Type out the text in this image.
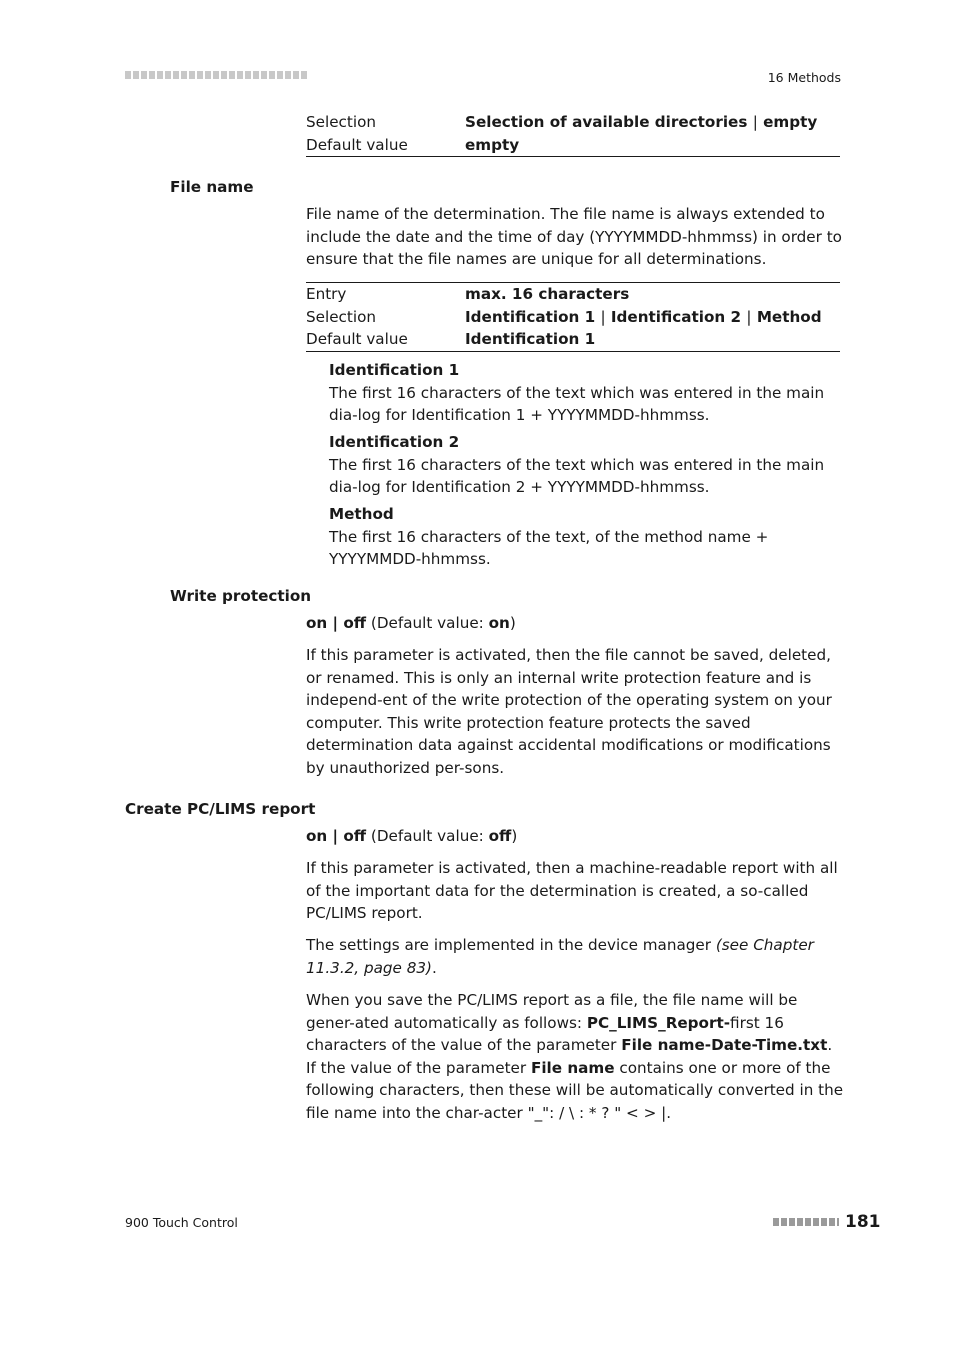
16 Methods
Selection	Selection of available directories | empty
Default value	empty
File name

File name of the determination. The file name is always extended to include the date and the time of day (YYYYMMDD-hhmmss) in order to ensure that the file names are unique for all determinations.

Entry	max. 16 characters
Selection	Identification 1 | Identification 2 | Method
Default value	Identification 1
Identification 1
The first 16 characters of the text which was entered in the main dia-log for Identification 1 + YYYYMMDD-hhmmss.
Identification 2
The first 16 characters of the text which was entered in the main dia-log for Identification 2 + YYYYMMDD-hhmmss.
Method
The first 16 characters of the text, of the method name + YYYYMMDD-hhmmss.
Write protection

on | off (Default value: on)

If this parameter is activated, then the file cannot be saved, deleted, or renamed. This is only an internal write protection feature and is independ-ent of the write protection of the operating system on your computer. This write protection feature protects the saved determination data against accidental modifications or modifications by unauthorized per-sons.

Create PC/LIMS report

on | off (Default value: off)

If this parameter is activated, then a machine-readable report with all of the important data for the determination is created, a so-called PC/LIMS report.

The settings are implemented in the device manager (see Chapter 11.3.2, page 83).

When you save the PC/LIMS report as a file, the file name will be gener-ated automatically as follows: PC_LIMS_Report-first 16 characters of the value of the parameter File name-Date-Time.txt. If the value of the parameter File name contains one or more of the following characters, then these will be automatically converted in the file name into the char-acter "_": / \ : * ? " < > |.

900 Touch Control	181
